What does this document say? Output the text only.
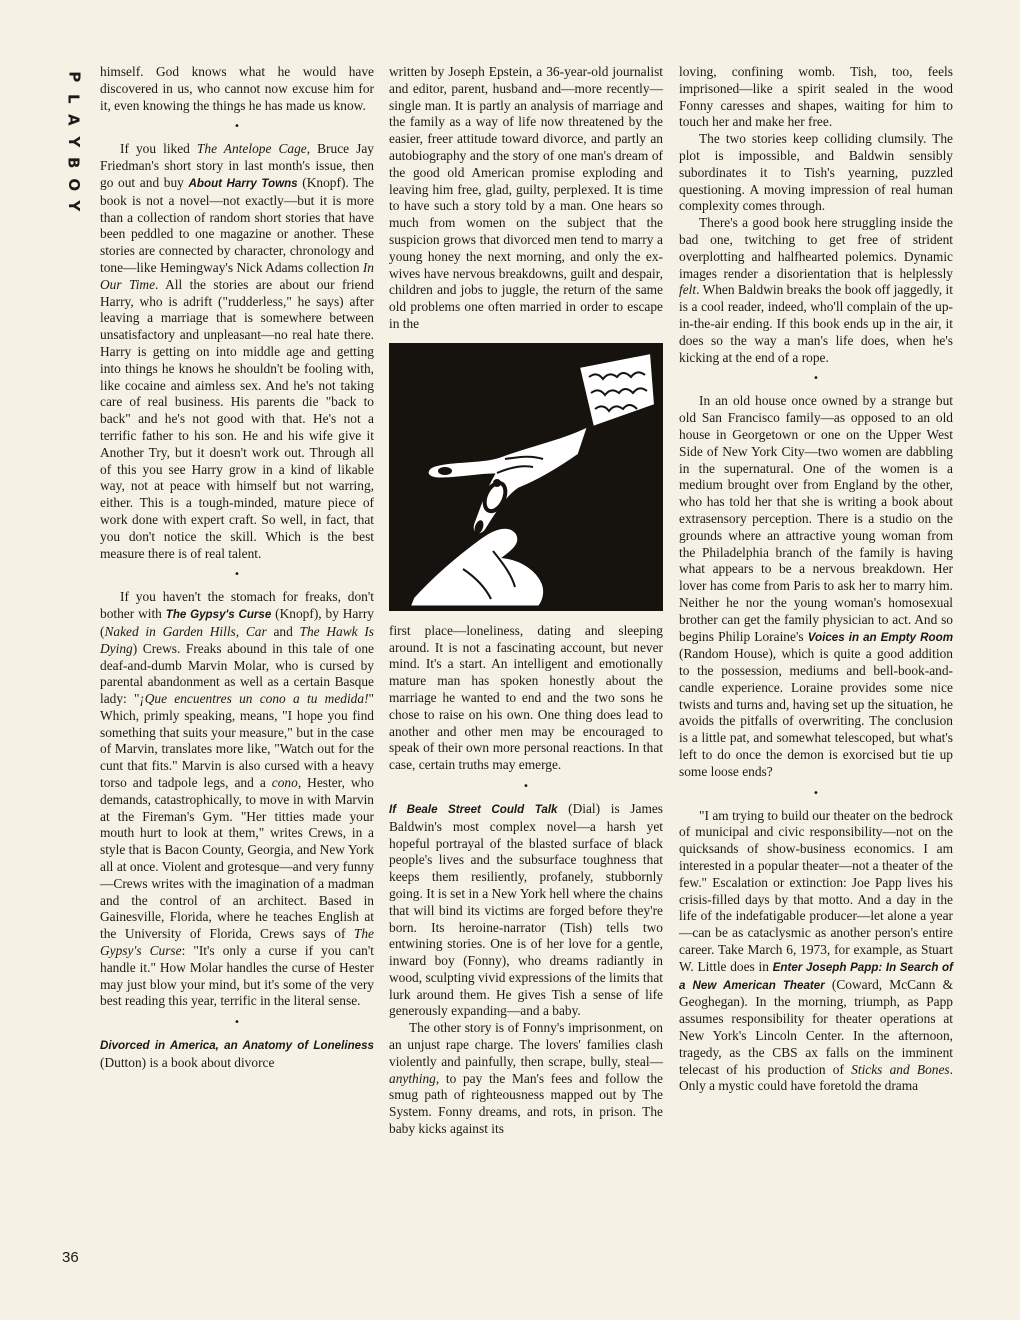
P
L
A
Y
B
O
Y
36

himself. God knows what he would have discovered in us, who cannot now excuse him for it, even knowing the things he has made us know.

•

If you liked The Antelope Cage, Bruce Jay Friedman's short story in last month's issue, then go out and buy About Harry Towns (Knopf). The book is not a novel—not exactly—but it is more than a collection of random short stories that have been peddled to one magazine or another. These stories are connected by character, chronology and tone—like Hemingway's Nick Adams collection In Our Time. All the stories are about our friend Harry, who is adrift ("rudderless," he says) after leaving a marriage that is somewhere between unsatisfactory and unpleasant—no real hate there. Harry is getting on into middle age and getting into things he knows he shouldn't be fooling with, like cocaine and aimless sex. And he's not taking care of real business. His parents die "back to back" and he's not good with that. He's not a terrific father to his son. He and his wife give it Another Try, but it doesn't work out. Through all of this you see Harry grow in a kind of likable way, not at peace with himself but not warring, either. This is a tough-minded, mature piece of work done with expert craft. So well, in fact, that you don't notice the skill. Which is the best measure there is of real talent.

•

If you haven't the stomach for freaks, don't bother with The Gypsy's Curse (Knopf), by Harry (Naked in Garden Hills, Car and The Hawk Is Dying) Crews. Freaks abound in this tale of one deaf-and-dumb Marvin Molar, who is cursed by parental abandonment as well as a certain Basque lady: "¡Que encuentres un cono a tu medida!" Which, primly speaking, means, "I hope you find something that suits your measure," but in the case of Marvin, translates more like, "Watch out for the cunt that fits." Marvin is also cursed with a heavy torso and tadpole legs, and a cono, Hester, who demands, catastrophically, to move in with Marvin at the Fireman's Gym. "Her titties made your mouth hurt to look at them," writes Crews, in a style that is Bacon County, Georgia, and New York all at once. Violent and grotesque—and very funny—Crews writes with the imagination of a madman and the control of an architect. Based in Gainesville, Florida, where he teaches English at the University of Florida, Crews says of The Gypsy's Curse: "It's only a curse if you can't handle it." How Molar handles the curse of Hester may just blow your mind, but it's some of the very best reading this year, terrific in the literal sense.

•

Divorced in America, an Anatomy of Loneliness (Dutton) is a book about divorce

written by Joseph Epstein, a 36-year-old journalist and editor, parent, husband and—more recently—single man. It is partly an analysis of marriage and the family as a way of life now threatened by the easier, freer attitude toward divorce, and partly an autobiography and the story of one man's dream of the good old American promise exploding and leaving him free, glad, guilty, perplexed. It is time to have such a story told by a man. One hears so much from women on the subject that the suspicion grows that divorced men tend to marry a young honey the next morning, and only the ex-wives have nervous breakdowns, guilt and despair, children and jobs to juggle, the return of the same old problems one often married in order to escape in the

first place—loneliness, dating and sleeping around. It is not a fascinating account, but never mind. It's a start. An intelligent and emotionally mature man has spoken honestly about the marriage he wanted to end and the two sons he chose to raise on his own. One thing does lead to another and other men may be encouraged to speak of their own more personal reactions. In that case, certain truths may emerge.

•

If Beale Street Could Talk (Dial) is James Baldwin's most complex novel—a harsh yet hopeful portrayal of the blasted surface of black people's lives and the subsurface toughness that keeps them resiliently, profanely, stubbornly going. It is set in a New York hell where the chains that will bind its victims are forged before they're born. Its heroine-narrator (Tish) tells two entwining stories. One is of her love for a gentle, inward boy (Fonny), who dreams radiantly in wood, sculpting vivid expressions of the limits that lurk around them. He gives Tish a sense of life generously expanding—and a baby.

The other story is of Fonny's imprisonment, on an unjust rape charge. The lovers' families clash violently and painfully, then scrape, bully, steal—anything, to pay the Man's fees and follow the smug path of righteousness mapped out by The System. Fonny dreams, and rots, in prison. The baby kicks against its

loving, confining womb. Tish, too, feels imprisoned—like a spirit sealed in the wood Fonny caresses and shapes, waiting for him to touch her and make her free.

The two stories keep colliding clumsily. The plot is impossible, and Baldwin sensibly subordinates it to Tish's yearning, puzzled questioning. A moving impression of real human complexity comes through.

There's a good book here struggling inside the bad one, twitching to get free of strident overplotting and halfhearted polemics. Dynamic images render a disorientation that is helplessly felt. When Baldwin breaks the book off jaggedly, it is a cool reader, indeed, who'll complain of the up-in-the-air ending. If this book ends up in the air, it does so the way a man's life does, when he's kicking at the end of a rope.

•

In an old house once owned by a strange but old San Francisco family—as opposed to an old house in Georgetown or one on the Upper West Side of New York City—two women are dabbling in the supernatural. One of the women is a medium brought over from England by the other, who has told her that she is writing a book about extrasensory perception. There is a studio on the grounds where an attractive young woman from the Philadelphia branch of the family is having what appears to be a nervous breakdown. Her lover has come from Paris to ask her to marry him. Neither he nor the young woman's homosexual brother can get the family physician to act. And so begins Philip Loraine's Voices in an Empty Room (Random House), which is quite a good addition to the possession, mediums and bell-book-and-candle experience. Loraine provides some nice twists and turns and, having set up the situation, he avoids the pitfalls of overwriting. The conclusion is a little pat, and somewhat telescoped, but what's left to do once the demon is exorcised but tie up some loose ends?

•

"I am trying to build our theater on the bedrock of municipal and civic responsibility—not on the quicksands of show-business economics. I am interested in a popular theater—not a theater of the few." Escalation or extinction: Joe Papp lives his crisis-filled days by that motto. And a day in the life of the indefatigable producer—let alone a year—can be as cataclysmic as another person's entire career. Take March 6, 1973, for example, as Stuart W. Little does in Enter Joseph Papp: In Search of a New American Theater (Coward, McCann & Geoghegan). In the morning, triumph, as Papp assumes responsibility for theater operations at New York's Lincoln Center. In the afternoon, tragedy, as the CBS ax falls on the imminent telecast of his production of Sticks and Bones. Only a mystic could have foretold the drama
